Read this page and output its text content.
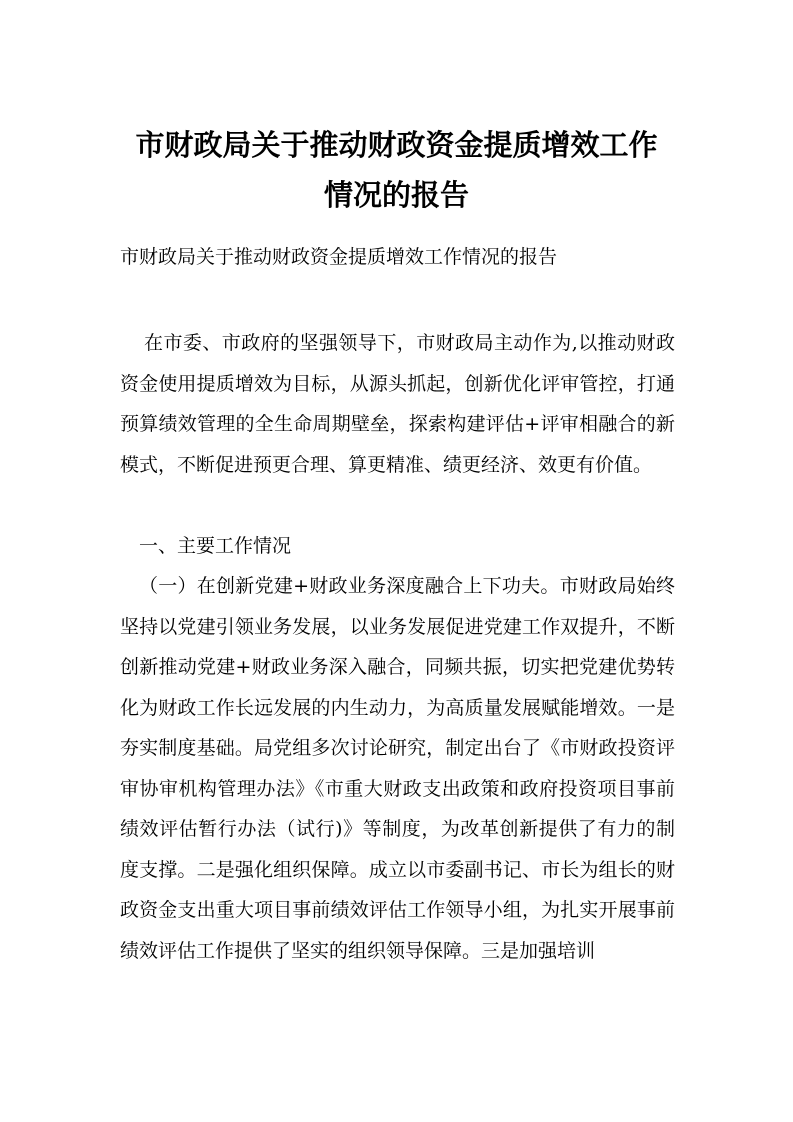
市财政局关于推动财政资金提质增效工作
情况的报告

市财政局关于推动财政资金提质增效工作情况的报告

在市委、市政府的坚强领导下，市财政局主动作为,以推动财政资金使用提质增效为目标，从源头抓起，创新优化评审管控，打通预算绩效管理的全生命周期壁垒，探索构建评估+评审相融合的新模式，不断促进预更合理、算更精准、绩更经济、效更有价值。

一、主要工作情况

（一）在创新党建+财政业务深度融合上下功夫。市财政局始终坚持以党建引领业务发展，以业务发展促进党建工作双提升，不断创新推动党建+财政业务深入融合，同频共振，切实把党建优势转化为财政工作长远发展的内生动力，为高质量发展赋能增效。一是夯实制度基础。局党组多次讨论研究，制定出台了《市财政投资评审协审机构管理办法》《市重大财政支出政策和政府投资项目事前绩效评估暂行办法（试行)》等制度，为改革创新提供了有力的制度支撑。二是强化组织保障。成立以市委副书记、市长为组长的财政资金支出重大项目事前绩效评估工作领导小组，为扎实开展事前绩效评估工作提供了坚实的组织领导保障。三是加强培训
